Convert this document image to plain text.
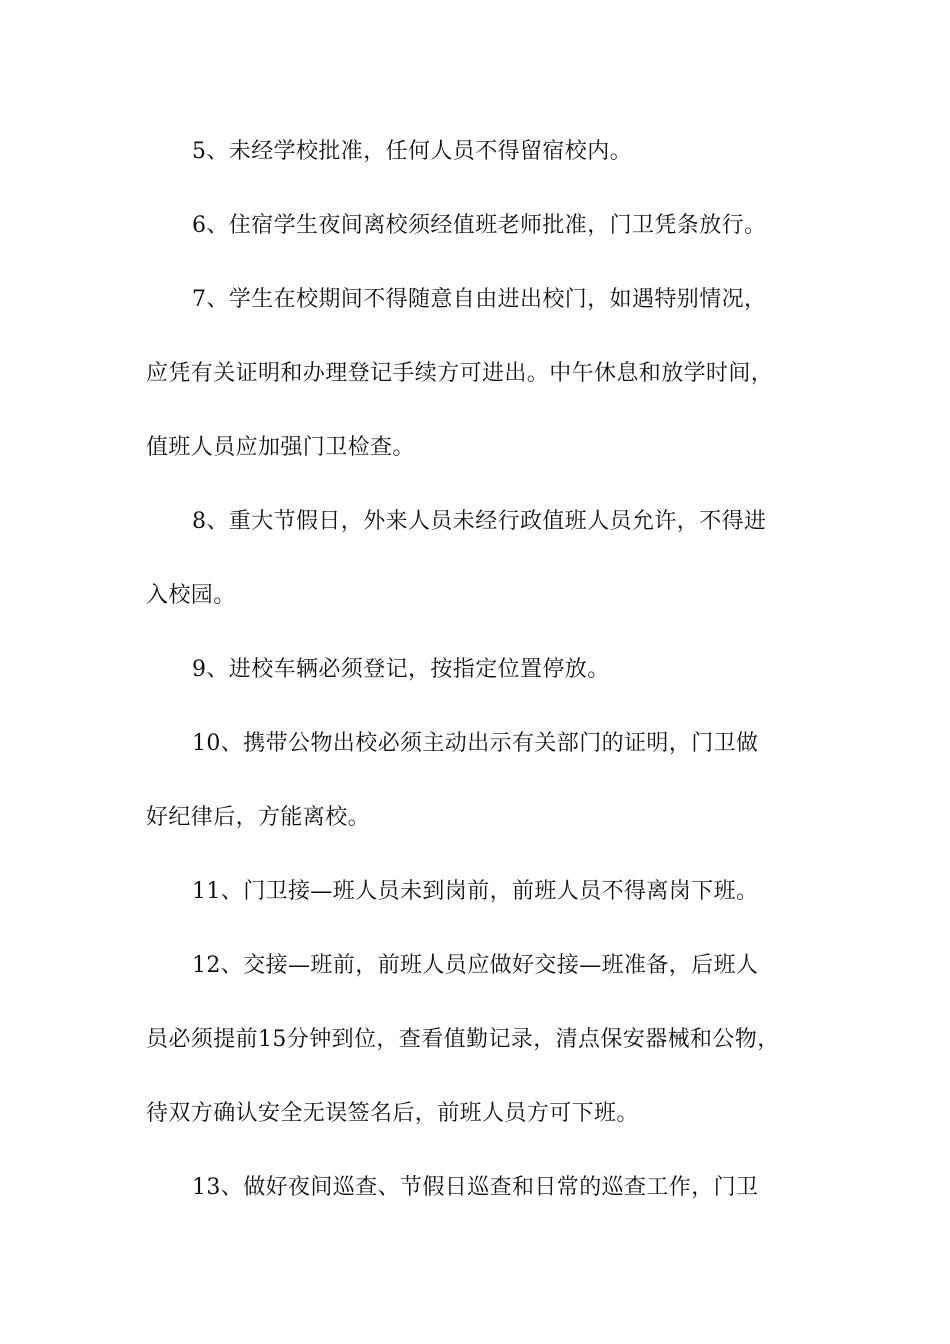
5、未经学校批准，任何人员不得留宿校内。
6、住宿学生夜间离校须经值班老师批准，门卫凭条放行。
7、学生在校期间不得随意自由进出校门，如遇特别情况，
应凭有关证明和办理登记手续方可进出。中午休息和放学时间，
值班人员应加强门卫检查。
8、重大节假日，外来人员未经行政值班人员允许，不得进
入校园。
9、进校车辆必须登记，按指定位置停放。
10、携带公物出校必须主动出示有关部门的证明，门卫做
好纪律后，方能离校。
11、门卫接—班人员未到岗前，前班人员不得离岗下班。
12、交接—班前，前班人员应做好交接—班准备，后班人
员必须提前15分钟到位，查看值勤记录，清点保安器械和公物，
待双方确认安全无误签名后，前班人员方可下班。
13、做好夜间巡查、节假日巡查和日常的巡查工作，门卫
